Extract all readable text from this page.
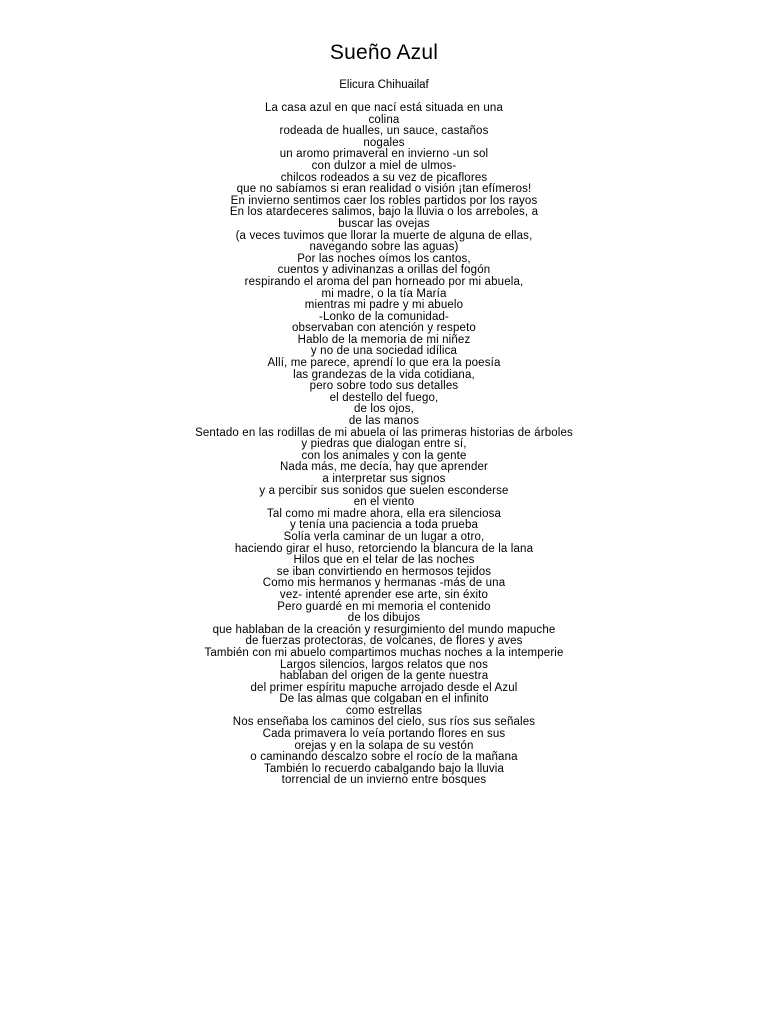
Sueño Azul

Elicura Chihuailaf

La casa azul en que nací está situada en una
colina
rodeada de hualles, un sauce, castaños
nogales
un aromo primaveral en invierno -un sol
con dulzor a miel de ulmos-
chilcos rodeados a su vez de picaflores
que no sabíamos si eran realidad o visión ¡tan efímeros!
En invierno sentimos caer los robles partidos por los rayos
En los atardeceres salimos, bajo la lluvia o los arreboles, a
buscar las ovejas
(a veces tuvimos que llorar la muerte de alguna de ellas,
navegando sobre las aguas)
Por las noches oímos los cantos,
cuentos y adivinanzas a orillas del fogón
respirando el aroma del pan horneado por mi abuela,
mi madre, o la tía María
mientras mi padre y mi abuelo
-Lonko de la comunidad-
observaban con atención y respeto
Hablo de la memoria de mi niñez
y no de una sociedad idílica
Allí, me parece, aprendí lo que era la poesía
las grandezas de la vida cotidiana,
pero sobre todo sus detalles
el destello del fuego,
de los ojos,
de las manos
Sentado en las rodillas de mi abuela oí las primeras historias de árboles
y piedras que dialogan entre sí,
con los animales y con la gente
Nada más, me decía, hay que aprender
a interpretar sus signos
y a percibir sus sonidos que suelen esconderse
en el viento
Tal como mi madre ahora, ella era silenciosa
y tenía una paciencia a toda prueba
Solía verla caminar de un lugar a otro,
haciendo girar el huso, retorciendo la blancura de la lana
Hilos que en el telar de las noches
se iban convirtiendo en hermosos tejidos
Como mis hermanos y hermanas -más de una
vez- intenté aprender ese arte, sin éxito
Pero guardé en mi memoria el contenido
de los dibujos
que hablaban de la creación y resurgimiento del mundo mapuche
de fuerzas protectoras, de volcanes, de flores y aves
También con mi abuelo compartimos muchas noches a la intemperie
Largos silencios, largos relatos que nos
hablaban del origen de la gente nuestra
del primer espíritu mapuche arrojado desde el Azul
De las almas que colgaban en el infinito
como estrellas
Nos enseñaba los caminos del cielo, sus ríos sus señales
Cada primavera lo veía portando flores en sus
orejas y en la solapa de su vestón
o caminando descalzo sobre el rocío de la mañana
También lo recuerdo cabalgando bajo la lluvia
torrencial de un invierno entre bosques
